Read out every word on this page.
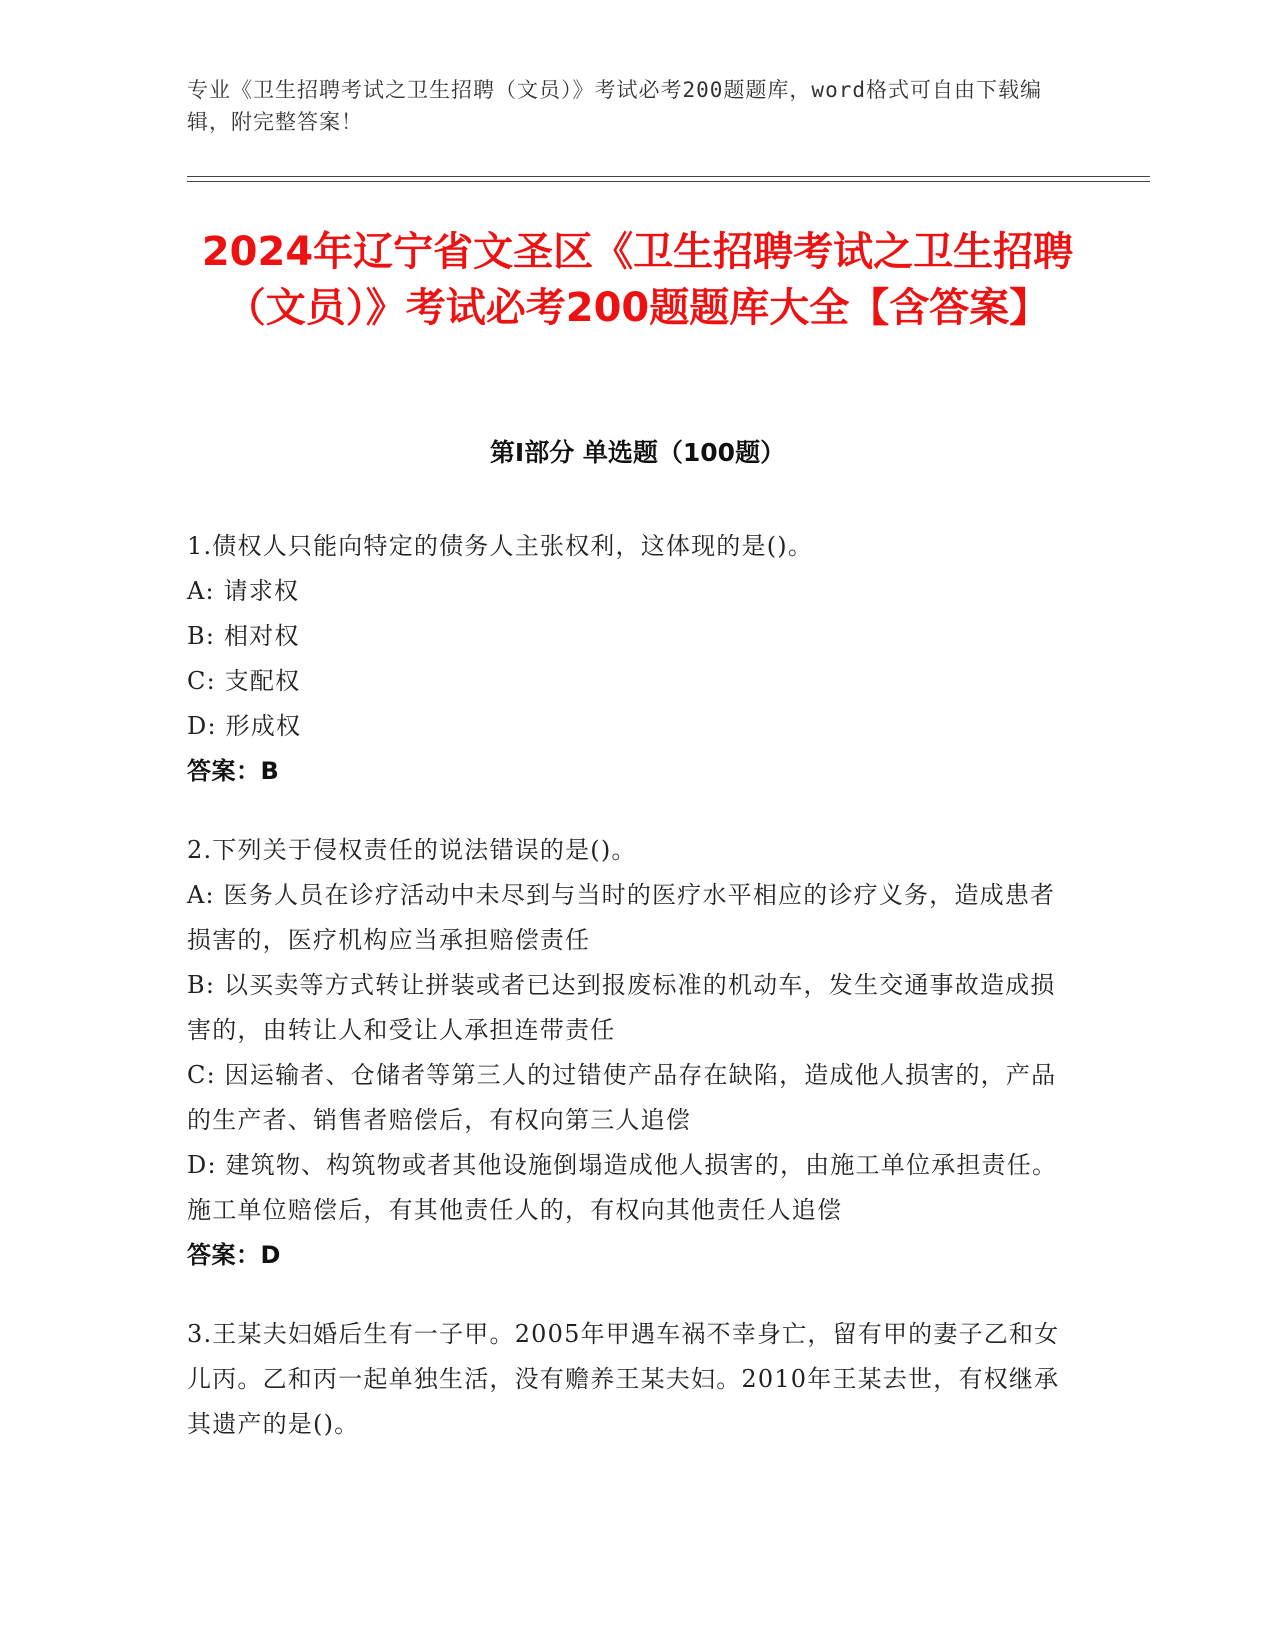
专业《卫生招聘考试之卫生招聘（文员）》考试必考200题题库，word格式可自由下载编辑，附完整答案！
2024年辽宁省文圣区《卫生招聘考试之卫生招聘（文员）》考试必考200题题库大全【含答案】
第I部分 单选题（100题）
1.债权人只能向特定的债务人主张权利，这体现的是()。
A: 请求权
B: 相对权
C: 支配权
D: 形成权
答案：B
2.下列关于侵权责任的说法错误的是()。
A: 医务人员在诊疗活动中未尽到与当时的医疗水平相应的诊疗义务，造成患者损害的，医疗机构应当承担赔偿责任
B: 以买卖等方式转让拼装或者已达到报废标准的机动车，发生交通事故造成损害的，由转让人和受让人承担连带责任
C: 因运输者、仓储者等第三人的过错使产品存在缺陷，造成他人损害的，产品的生产者、销售者赔偿后，有权向第三人追偿
D: 建筑物、构筑物或者其他设施倒塌造成他人损害的，由施工单位承担责任。施工单位赔偿后，有其他责任人的，有权向其他责任人追偿
答案：D
3.王某夫妇婚后生有一子甲。2005年甲遇车祸不幸身亡，留有甲的妻子乙和女儿丙。乙和丙一起单独生活，没有赡养王某夫妇。2010年王某去世，有权继承其遗产的是()。
